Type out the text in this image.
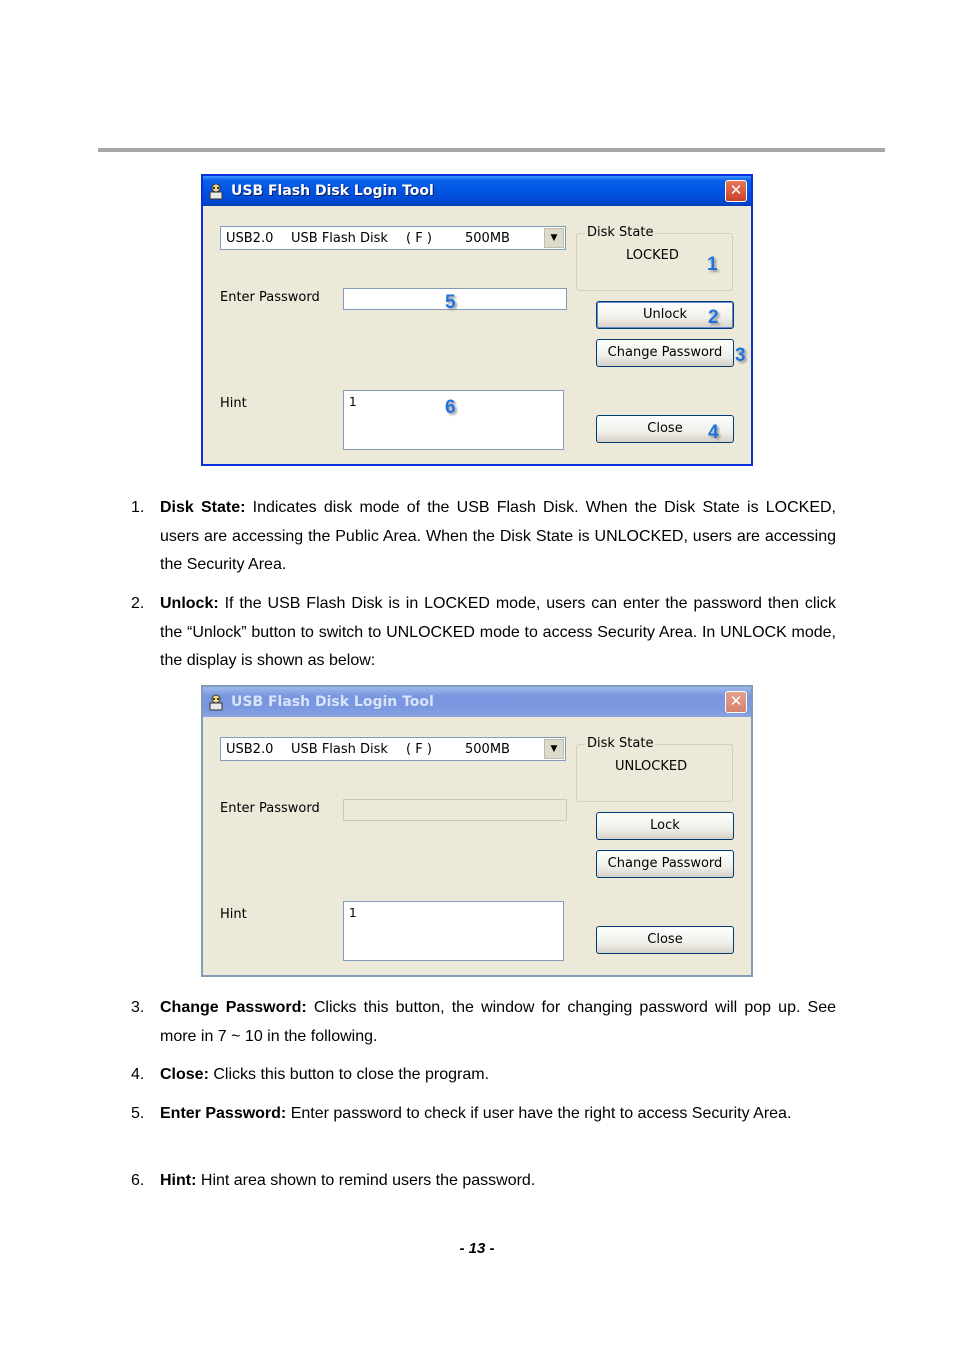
USB Flash Disk Login Tool	✕
USB2.0 USB Flash Disk ( F )	500MB	▼	Disk State
LOCKED	1
Enter Password	5
Unlock	2
Change Password 3
Hint	1	6
Close	4
1. Disk State: Indicates disk mode of the USB Flash Disk. When the Disk State is LOCKED, users are accessing the Public Area. When the Disk State is UNLOCKED, users are accessing the Security Area.
2. Unlock: If the USB Flash Disk is in LOCKED mode, users can enter the password then click the “Unlock” button to switch to UNLOCKED mode to access Security Area. In UNLOCK mode, the display is shown as below:
USB Flash Disk Login Tool	✕
USB2.0 USB Flash Disk ( F )	500MB	▼	Disk State
UNLOCKED
Enter Password
Lock
Change Password
Hint	1
Close
3. Change Password: Clicks this button, the window for changing password will pop up. See more in 7 ~ 10 in the following.
4. Close: Clicks this button to close the program.
5. Enter Password: Enter password to check if user have the right to access Security Area.
6. Hint: Hint area shown to remind users the password.
- 13 -
